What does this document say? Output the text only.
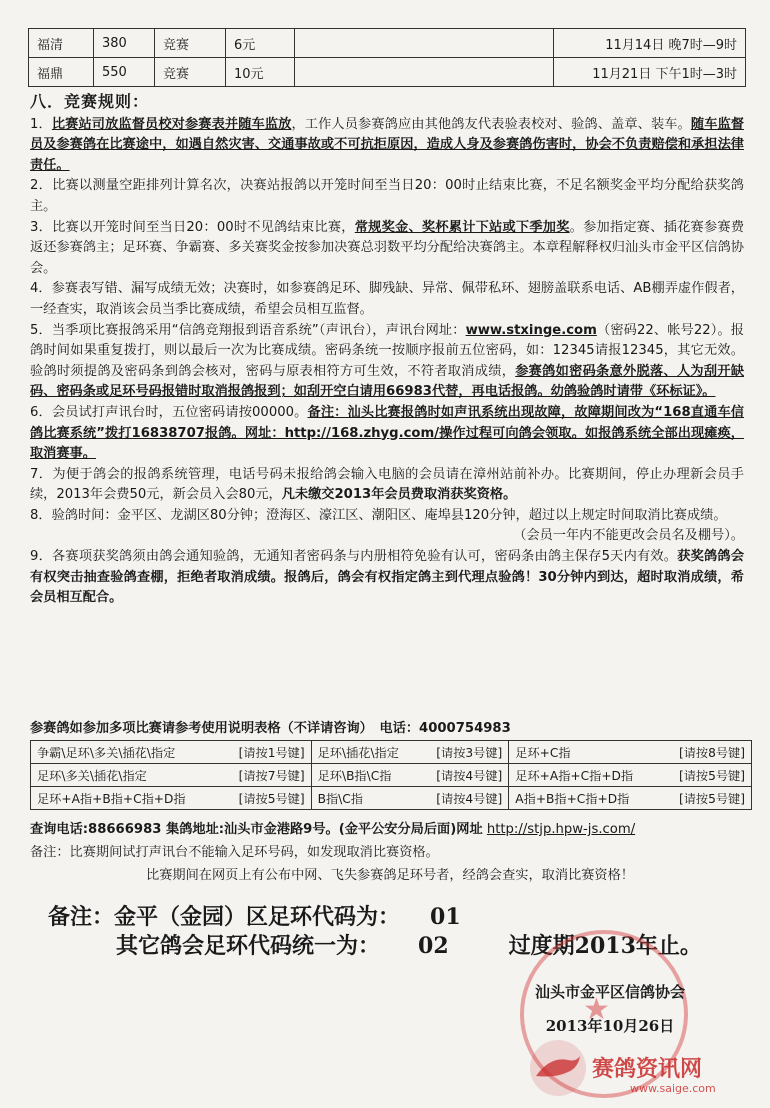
福清	380	竞赛	6元		11月14日 晚7时—9时
福鼎	550	竞赛	10元		11月21日 下午1时—3时
八．竞赛规则：

1．比赛站司放监督员校对参赛表并随车监放，工作人员参赛鸽应由其他鸽友代表验表校对、验鸽、盖章、装车。随车监督员及参赛鸽在比赛途中，如遇自然灾害、交通事故或不可抗拒原因，造成人身及参赛鸽伤害时，协会不负责赔偿和承担法律责任。

2．比赛以测量空距排列计算名次，决赛站报鸽以开笼时间至当日20：00时止结束比赛，不足名额奖金平均分配给获奖鸽主。

3．比赛以开笼时间至当日20：00时不见鸽结束比赛，常规奖金、奖杯累计下站或下季加奖。参加指定赛、插花赛参赛费返还参赛鸽主；足环赛、争霸赛、多关赛奖金按参加决赛总羽数平均分配给决赛鸽主。本章程解释权归汕头市金平区信鸽协会。

4．参赛表写错、漏写成绩无效；决赛时，如参赛鸽足环、脚残缺、异常、佩带私环、翅膀盖联系电话、AB棚弄虚作假者，一经查实，取消该会员当季比赛成绩，希望会员相互监督。

5．当季项比赛报鸽采用“信鸽竞翔报到语音系统”（声讯台），声讯台网址：www.stxinge.com（密码22、帐号22）。报鸽时间如果重复拨打，则以最后一次为比赛成绩。密码条统一按顺序报前五位密码，如：12345请报12345，其它无效。验鸽时须提鸽及密码条到鸽会核对，密码与原表相符方可生效，不符者取消成绩，参赛鸽如密码条意外脱落、人为刮开缺码、密码条或足环号码报错时取消报鸽报到；如刮开空白请用66983代替，再电话报鸽。幼鸽验鸽时请带《环标证》。

6．会员试打声讯台时，五位密码请按00000。备注：汕头比赛报鸽时如声讯系统出现故障，故障期间改为“168直通车信鸽比赛系统”拨打16838707报鸽。网址：http://168.zhyg.com/操作过程可向鸽会领取。如报鸽系统全部出现瘫痪，取消赛事。

7．为便于鸽会的报鸽系统管理，电话号码未报给鸽会输入电脑的会员请在漳州站前补办。比赛期间，停止办理新会员手续，2013年会费50元，新会员入会80元，凡未缴交2013年会员费取消获奖资格。

8．验鸽时间：金平区、龙湖区80分钟；澄海区、濠江区、潮阳区、庵埠县120分钟，超过以上规定时间取消比赛成绩。

（会员一年内不能更改会员名及棚号）。

9．各赛项获奖鸽须由鸽会通知验鸽，无通知者密码条与内册相符免验有认可，密码条由鸽主保存5天内有效。获奖鸽鸽会有权突击抽查验鸽查棚，拒绝者取消成绩。报鸽后，鸽会有权指定鸽主到代理点验鸽！30分钟内到达，超时取消成绩，希会员相互配合。

参赛鸽如参加多项比赛请参考使用说明表格（不详请咨询）　电话：4000754983
争霸\足环\多关\插花\指定 [请按1号键]	足环\插花\指定 [请按3号键]	足环+C指 [请按8号键]

足环\多关\插花\指定 [请按7号键]	足环\B指\C指 [请按4号键]	足环+A指+C指+D指 [请按5号键]

足环+A指+B指+C指+D指 [请按5号键]	B指\C指 [请按4号键]	A指+B指+C指+D指 [请按5号键]
查询电话:88666983 集鸽地址:汕头市金港路9号。(金平公安分局后面)网址 http://stjp.hpw-js.com/
备注：比赛期间试打声讯台不能输入足环号码，如发现取消比赛资格。
比赛期间在网页上有公布中网、飞失参赛鸽足环号者，经鸽会查实，取消比赛资格！
备注：金平（金园）区足环代码为： 01
其它鸽会足环代码统一为： 02	过度期2013年止。
★
汕头市金平区信鸽协会
2013年10月26日
赛鸽资讯网
www.saige.com
